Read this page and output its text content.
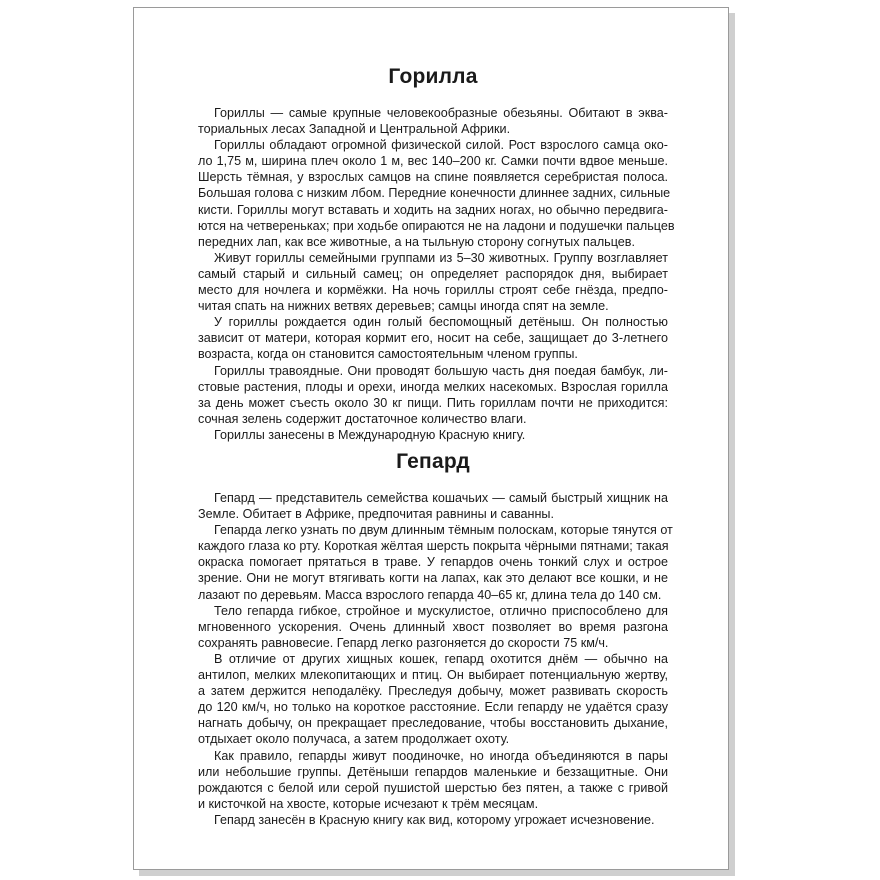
Горилла

Гориллы — самые крупные человекообразные обезьяны. Обитают в эква-
ториальных лесах Западной и Центральной Африки.

Гориллы обладают огромной физической силой. Рост взрослого самца око-
ло 1,75 м, ширина плеч около 1 м, вес 140–200 кг. Самки почти вдвое меньше.
Шерсть тёмная, у взрослых самцов на спине появляется серебристая полоса.
Большая голова с низким лбом. Передние конечности длиннее задних, сильные
кисти. Гориллы могут вставать и ходить на задних ногах, но обычно передвига-
ются на четвереньках; при ходьбе опираются не на ладони и подушечки пальцев
передних лап, как все животные, а на тыльную сторону согнутых пальцев.

Живут гориллы семейными группами из 5–30 животных. Группу возглавляет
самый старый и сильный самец; он определяет распорядок дня, выбирает
место для ночлега и кормёжки. На ночь гориллы строят себе гнёзда, предпо-
читая спать на нижних ветвях деревьев; самцы иногда спят на земле.

У гориллы рождается один голый беспомощный детёныш. Он полностью
зависит от матери, которая кормит его, носит на себе, защищает до 3-летнего
возраста, когда он становится самостоятельным членом группы.

Гориллы травоядные. Они проводят большую часть дня поедая бамбук, ли-
стовые растения, плоды и орехи, иногда мелких насекомых. Взрослая горилла
за день может съесть около 30 кг пищи. Пить гориллам почти не приходится:
сочная зелень содержит достаточное количество влаги.

Гориллы занесены в Международную Красную книгу.

Гепард

Гепард — представитель семейства кошачьих — самый быстрый хищник на
Земле. Обитает в Африке, предпочитая равнины и саванны.

Гепарда легко узнать по двум длинным тёмным полоскам, которые тянутся от
каждого глаза ко рту. Короткая жёлтая шерсть покрыта чёрными пятнами; такая
окраска помогает прятаться в траве. У гепардов очень тонкий слух и острое
зрение. Они не могут втягивать когти на лапах, как это делают все кошки, и не
лазают по деревьям. Масса взрослого гепарда 40–65 кг, длина тела до 140 см.

Тело гепарда гибкое, стройное и мускулистое, отлично приспособлено для
мгновенного ускорения. Очень длинный хвост позволяет во время разгона
сохранять равновесие. Гепард легко разгоняется до скорости 75 км/ч.

В отличие от других хищных кошек, гепард охотится днём — обычно на
антилоп, мелких млекопитающих и птиц. Он выбирает потенциальную жертву,
а затем держится неподалёку. Преследуя добычу, может развивать скорость
до 120 км/ч, но только на короткое расстояние. Если гепарду не удаётся сразу
нагнать добычу, он прекращает преследование, чтобы восстановить дыхание,
отдыхает около получаса, а затем продолжает охоту.

Как правило, гепарды живут поодиночке, но иногда объединяются в пары
или небольшие группы. Детёныши гепардов маленькие и беззащитные. Они
рождаются с белой или серой пушистой шерстью без пятен, а также с гривой
и кисточкой на хвосте, которые исчезают к трём месяцам.

Гепард занесён в Красную книгу как вид, которому угрожает исчезновение.
